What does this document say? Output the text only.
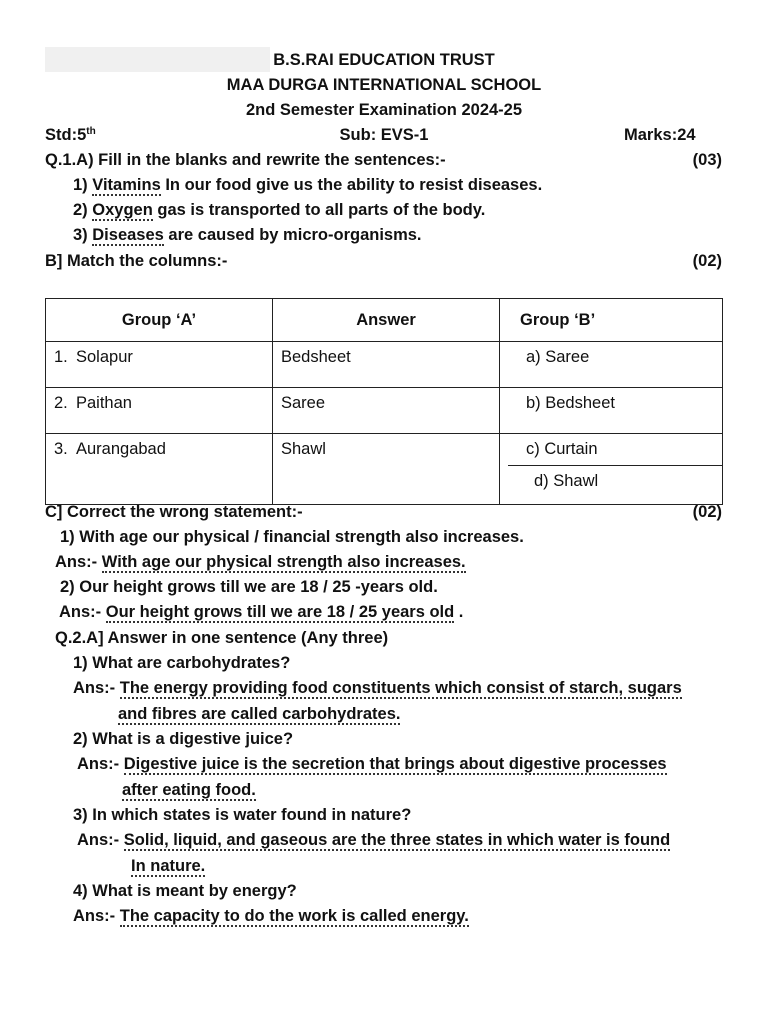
B.S.RAI EDUCATION TRUST
MAA DURGA INTERNATIONAL SCHOOL
2nd Semester Examination 2024-25
Std:5th	Sub: EVS-1	Marks:24
Q.1.A) Fill in the blanks and rewrite the sentences:-	(03)
1) Vitamins In our food give us the ability to resist diseases.
2) Oxygen gas is transported to all parts of the body.
3) Diseases are caused by micro-organisms.
B] Match the columns:-	(02)
Group ‘A’	Answer	Group ‘B’
1. Solapur	Bedsheet	a) Saree

2. Paithan	Saree	b) Bedsheet

3. Aurangabad	Shawl	c) Curtain
d) Shawl
C] Correct the wrong statement:-	(02)
1) With age our physical / financial strength also increases.
Ans:- With age our physical strength also increases.
2) Our height grows till we are 18 / 25 -years old.
Ans:- Our height grows till we are 18 / 25 years old .
Q.2.A] Answer in one sentence (Any three)
1) What are carbohydrates?
Ans:- The energy providing food constituents which consist of starch, sugars
and fibres are called carbohydrates.
2) What is a digestive juice?
Ans:- Digestive juice is the secretion that brings about digestive processes
after eating food.
3) In which states is water found in nature?
Ans:- Solid, liquid, and gaseous are the three states in which water is found
In nature.
4) What is meant by energy?
Ans:- The capacity to do the work is called energy.
